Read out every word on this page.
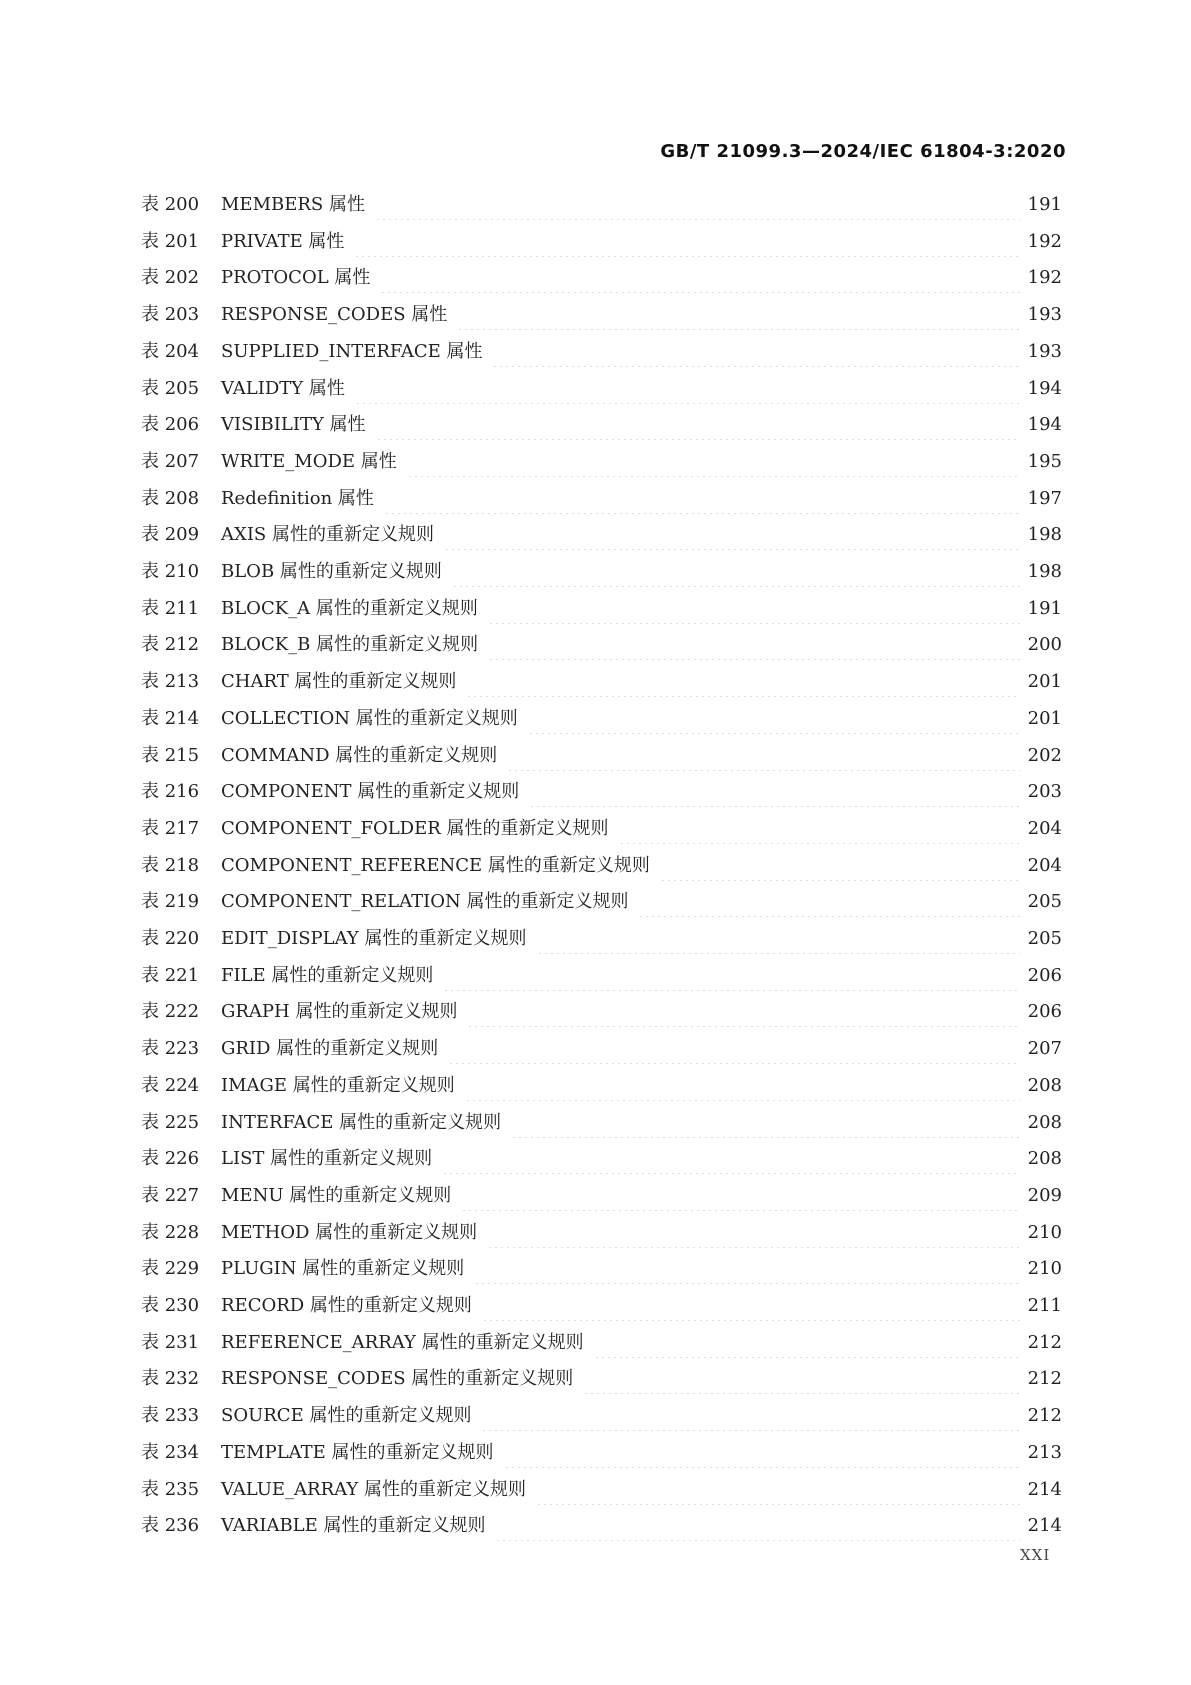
GB/T 21099.3—2024/IEC 61804-3:2020
表 200	MEMBERS 属性	191
表 201	PRIVATE 属性	192
表 202	PROTOCOL 属性	192
表 203	RESPONSE_CODES 属性	193
表 204	SUPPLIED_INTERFACE 属性	193
表 205	VALIDTY 属性	194
表 206	VISIBILITY 属性	194
表 207	WRITE_MODE 属性	195
表 208	Redefinition 属性	197
表 209	AXIS 属性的重新定义规则	198
表 210	BLOB 属性的重新定义规则	198
表 211	BLOCK_A 属性的重新定义规则	191
表 212	BLOCK_B 属性的重新定义规则	200
表 213	CHART 属性的重新定义规则	201
表 214	COLLECTION 属性的重新定义规则	201
表 215	COMMAND 属性的重新定义规则	202
表 216	COMPONENT 属性的重新定义规则	203
表 217	COMPONENT_FOLDER 属性的重新定义规则	204
表 218	COMPONENT_REFERENCE 属性的重新定义规则	204
表 219	COMPONENT_RELATION 属性的重新定义规则	205
表 220	EDIT_DISPLAY 属性的重新定义规则	205
表 221	FILE 属性的重新定义规则	206
表 222	GRAPH 属性的重新定义规则	206
表 223	GRID 属性的重新定义规则	207
表 224	IMAGE 属性的重新定义规则	208
表 225	INTERFACE 属性的重新定义规则	208
表 226	LIST 属性的重新定义规则	208
表 227	MENU 属性的重新定义规则	209
表 228	METHOD 属性的重新定义规则	210
表 229	PLUGIN 属性的重新定义规则	210
表 230	RECORD 属性的重新定义规则	211
表 231	REFERENCE_ARRAY 属性的重新定义规则	212
表 232	RESPONSE_CODES 属性的重新定义规则	212
表 233	SOURCE 属性的重新定义规则	212
表 234	TEMPLATE 属性的重新定义规则	213
表 235	VALUE_ARRAY 属性的重新定义规则	214
表 236	VARIABLE 属性的重新定义规则	214
XXI
